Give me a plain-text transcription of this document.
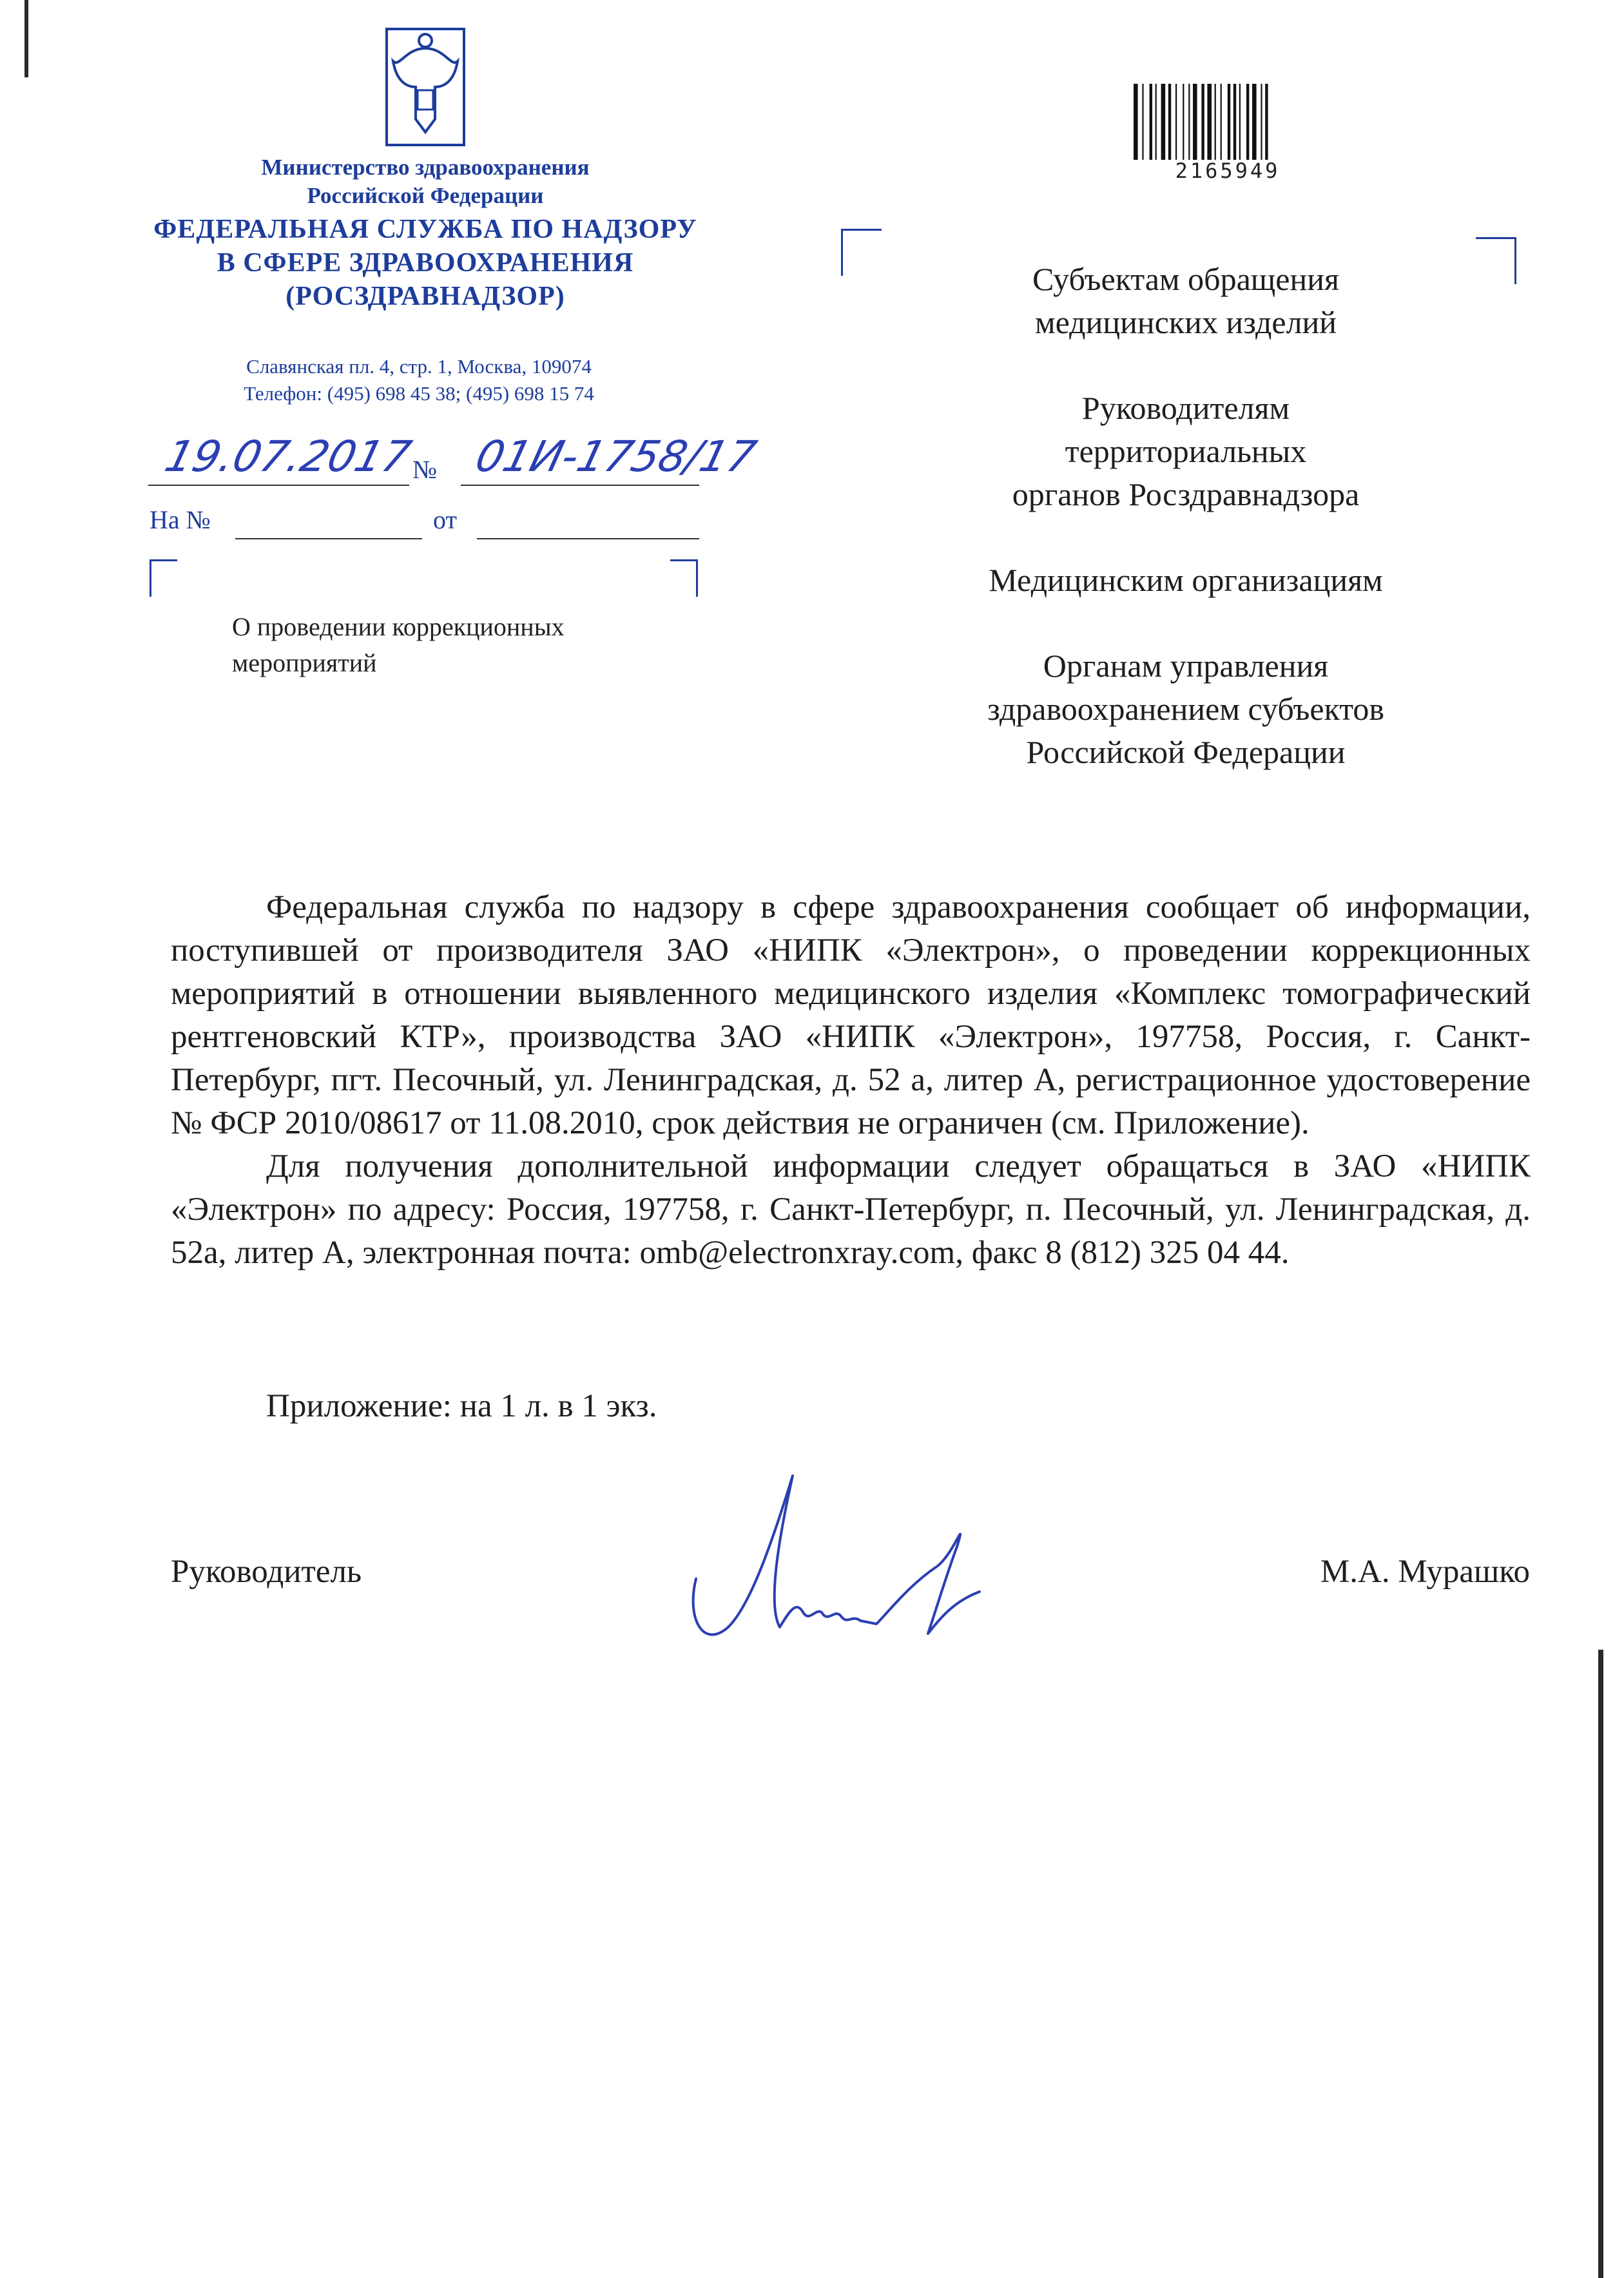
Министерство здравоохранения
Российской Федерации
ФЕДЕРАЛЬНАЯ СЛУЖБА ПО НАДЗОРУ
В СФЕРЕ ЗДРАВООХРАНЕНИЯ
(РОСЗДРАВНАДЗОР)
Славянская пл. 4, стр. 1, Москва, 109074
Телефон: (495) 698 45 38; (495) 698 15 74
19.07.2017
№ 01И-1758/17
На №	от
О проведении коррекционных
мероприятий
2165949
Субъектам обращения
медицинских изделий
Руководителям
территориальных
органов Росздравнадзора
Медицинским организациям
Органам управления
здравоохранением субъектов
Российской Федерации

Федеральная служба по надзору в сфере здравоохранения сообщает об информации, поступившей от производителя ЗАО «НИПК «Электрон», о проведении коррекционных мероприятий в отношении выявленного медицинского изделия «Комплекс томографический рентгеновский КТР», производства ЗАО «НИПК «Электрон», 197758, Россия, г. Санкт-Петербург, пгт. Песочный, ул. Ленинградская, д. 52 а, литер А, регистрационное удостоверение № ФСР 2010/08617 от 11.08.2010, срок действия не ограничен (см. Приложение).

Для получения дополнительной информации следует обращаться в ЗАО «НИПК «Электрон» по адресу: Россия, 197758, г. Санкт-Петербург, п. Песочный, ул. Ленинградская, д. 52а, литер А, электронная почта: omb@electronxray.com, факс 8 (812) 325 04 44.

Приложение: на 1 л. в 1 экз.
Руководитель	М.А. Мурашко
